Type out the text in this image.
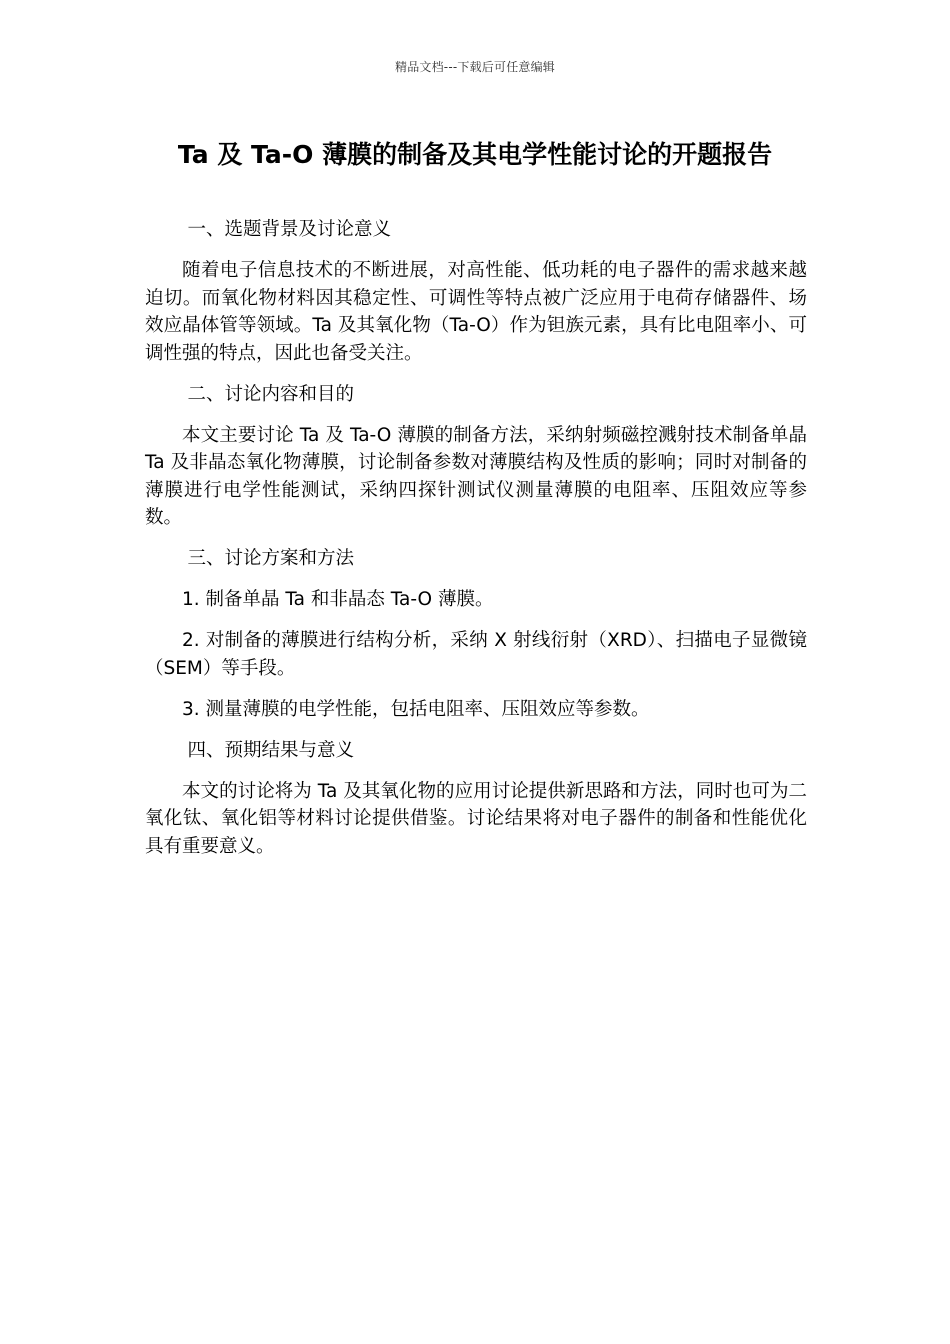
精品文档---下载后可任意编辑
Ta 及 Ta-O 薄膜的制备及其电学性能讨论的开题报告

一、选题背景及讨论意义

随着电子信息技术的不断进展，对高性能、低功耗的电子器件的需求越来越迫切。而氧化物材料因其稳定性、可调性等特点被广泛应用于电荷存储器件、场效应晶体管等领域。Ta 及其氧化物（Ta-O）作为钽族元素，具有比电阻率小、可调性强的特点，因此也备受关注。

二、讨论内容和目的

本文主要讨论 Ta 及 Ta-O 薄膜的制备方法，采纳射频磁控溅射技术制备单晶 Ta 及非晶态氧化物薄膜，讨论制备参数对薄膜结构及性质的影响；同时对制备的薄膜进行电学性能测试，采纳四探针测试仪测量薄膜的电阻率、压阻效应等参数。

三、讨论方案和方法

1. 制备单晶 Ta 和非晶态 Ta-O 薄膜。

2. 对制备的薄膜进行结构分析，采纳 X 射线衍射（XRD）、扫描电子显微镜（SEM）等手段。

3. 测量薄膜的电学性能，包括电阻率、压阻效应等参数。

四、预期结果与意义

本文的讨论将为 Ta 及其氧化物的应用讨论提供新思路和方法，同时也可为二氧化钛、氧化铝等材料讨论提供借鉴。讨论结果将对电子器件的制备和性能优化具有重要意义。
